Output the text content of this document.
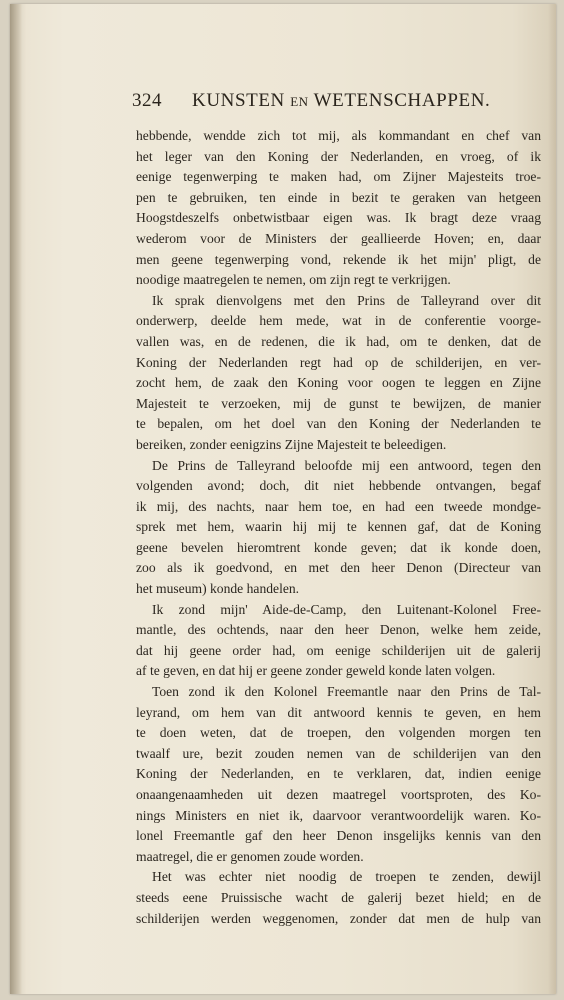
324 KUNSTEN EN WETENSCHAPPEN.
hebbende, wendde zich tot mij, als kommandant en chef van
het leger van den Koning der Nederlanden, en vroeg, of ik
eenige tegenwerping te maken had, om Zijner Majesteits troe-
pen te gebruiken, ten einde in bezit te geraken van hetgeen
Hoogstdeszelfs onbetwistbaar eigen was. Ik bragt deze vraag
wederom voor de Ministers der geallieerde Hoven; en, daar
men geene tegenwerping vond, rekende ik het mijn' pligt, de
noodige maatregelen te nemen, om zijn regt te verkrijgen.
Ik sprak dienvolgens met den Prins de Talleyrand over dit
onderwerp, deelde hem mede, wat in de conferentie voorge-
vallen was, en de redenen, die ik had, om te denken, dat de
Koning der Nederlanden regt had op de schilderijen, en ver-
zocht hem, de zaak den Koning voor oogen te leggen en Zijne
Majesteit te verzoeken, mij de gunst te bewijzen, de manier
te bepalen, om het doel van den Koning der Nederlanden te
bereiken, zonder eenigzins Zijne Majesteit te beleedigen.
De Prins de Talleyrand beloofde mij een antwoord, tegen den
volgenden avond; doch, dit niet hebbende ontvangen, begaf
ik mij, des nachts, naar hem toe, en had een tweede mondge-
sprek met hem, waarin hij mij te kennen gaf, dat de Koning
geene bevelen hieromtrent konde geven; dat ik konde doen,
zoo als ik goedvond, en met den heer Denon (Directeur van
het museum) konde handelen.
Ik zond mijn' Aide-de-Camp, den Luitenant-Kolonel Free-
mantle, des ochtends, naar den heer Denon, welke hem zeide,
dat hij geene order had, om eenige schilderijen uit de galerij
af te geven, en dat hij er geene zonder geweld konde laten volgen.
Toen zond ik den Kolonel Freemantle naar den Prins de Tal-
leyrand, om hem van dit antwoord kennis te geven, en hem
te doen weten, dat de troepen, den volgenden morgen ten
twaalf ure, bezit zouden nemen van de schilderijen van den
Koning der Nederlanden, en te verklaren, dat, indien eenige
onaangenaamheden uit dezen maatregel voortsproten, des Ko-
nings Ministers en niet ik, daarvoor verantwoordelijk waren. Ko-
lonel Freemantle gaf den heer Denon insgelijks kennis van den
maatregel, die er genomen zoude worden.
Het was echter niet noodig de troepen te zenden, dewijl
steeds eene Pruissische wacht de galerij bezet hield; en de
schilderijen werden weggenomen, zonder dat men de hulp van
